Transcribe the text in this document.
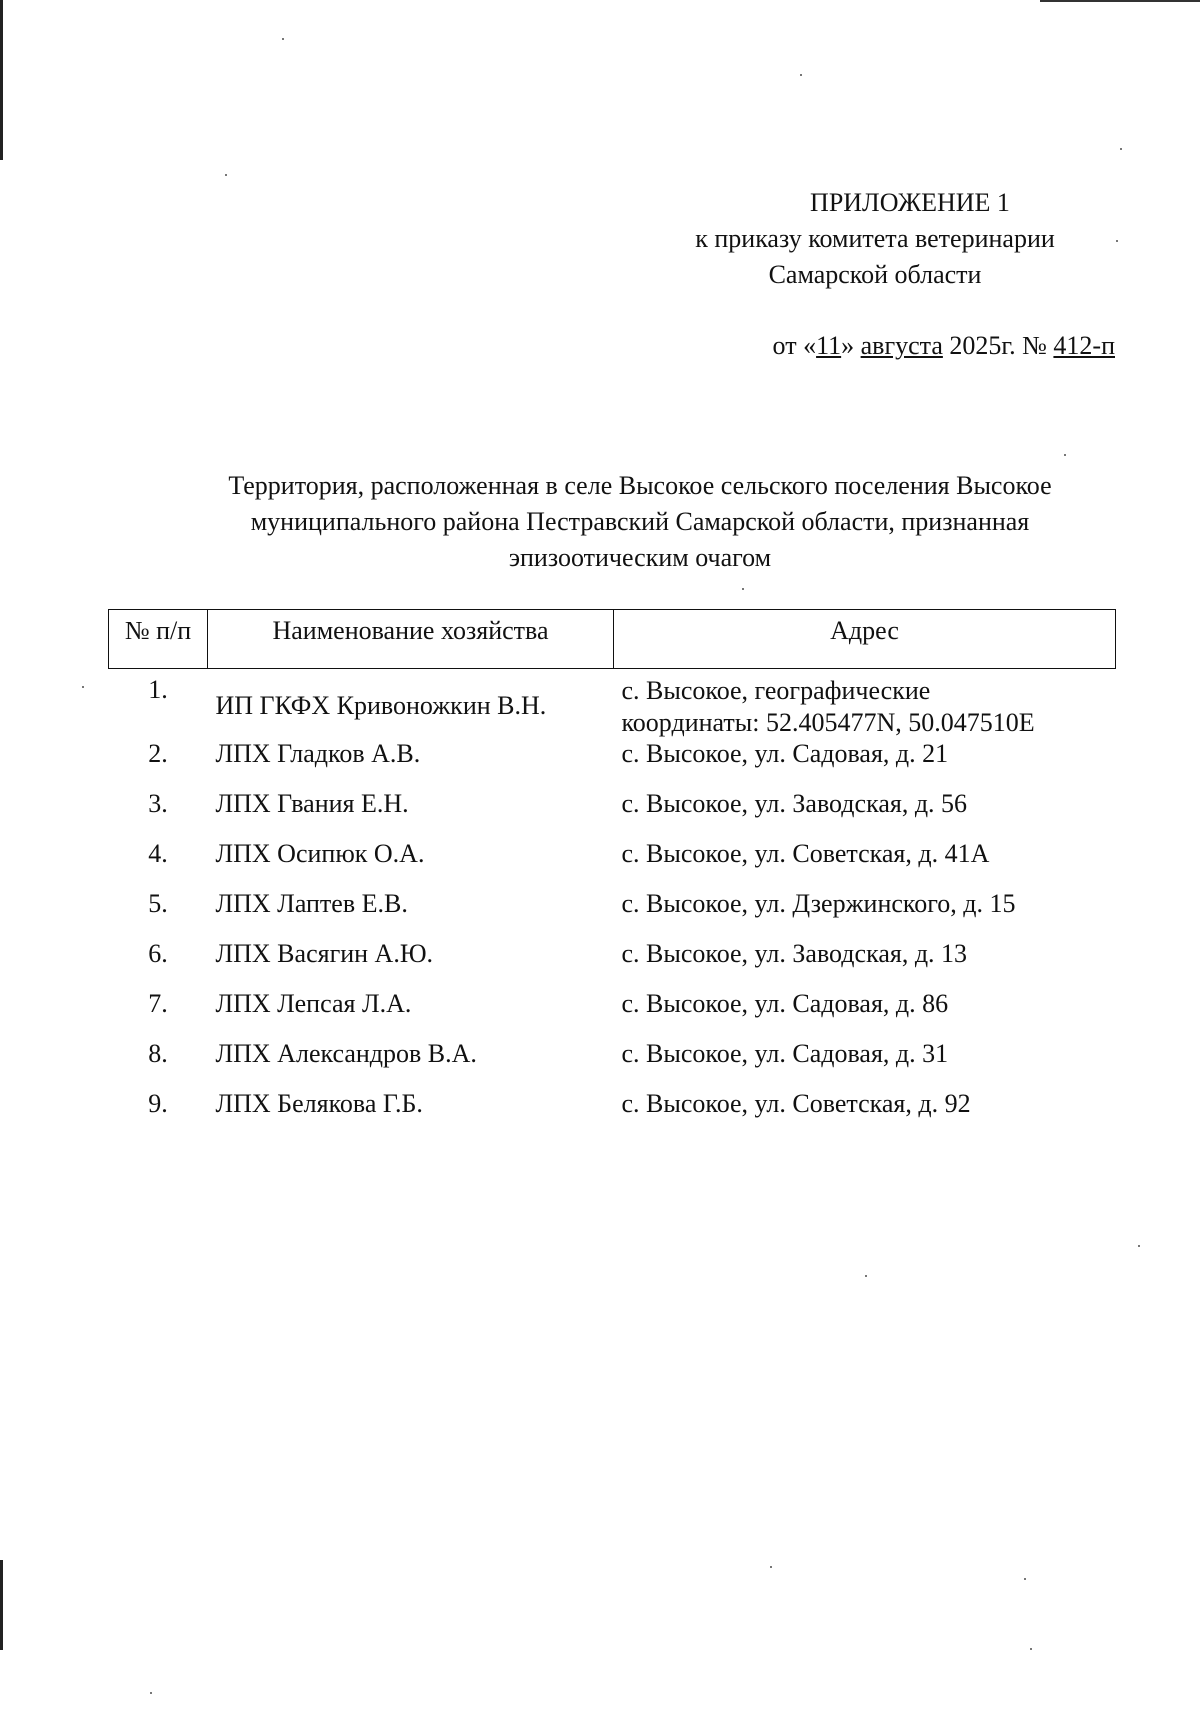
ПРИЛОЖЕНИЕ 1
к приказу комитета ветеринарии
Самарской области
от «11» августа 2025г. № 412-п
Территория, расположенная в селе Высокое сельского поселения Высокое
муниципального района Пестравский Самарской области, признанная
эпизоотическим очагом
№ п/п	Наименование хозяйства	Адрес
1.	ИП ГКФХ Кривоножкин В.Н.	с. Высокое, географические
координаты: 52.405477N, 50.047510E

2.	ЛПХ Гладков А.В.	с. Высокое, ул. Садовая, д. 21
3.	ЛПХ Гвания Е.Н.	с. Высокое, ул. Заводская, д. 56
4.	ЛПХ Осипюк О.А.	с. Высокое, ул. Советская, д. 41А
5.	ЛПХ Лаптев Е.В.	с. Высокое, ул. Дзержинского, д. 15
6.	ЛПХ Васягин А.Ю.	с. Высокое, ул. Заводская, д. 13
7.	ЛПХ Лепсая Л.А.	с. Высокое, ул. Садовая, д. 86
8.	ЛПХ Александров В.А.	с. Высокое, ул. Садовая, д. 31
9.	ЛПХ Белякова Г.Б.	с. Высокое, ул. Советская, д. 92
